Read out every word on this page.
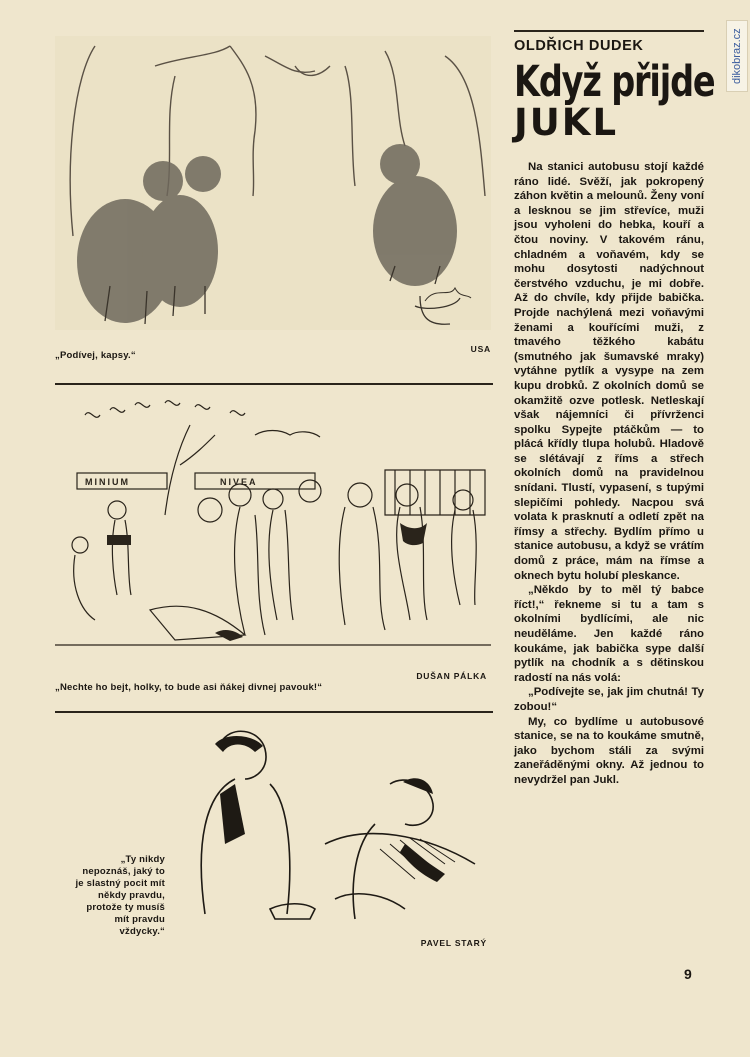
„Podívej, kapsy.“
USA
MINIUM	NIVEA
„Nechte ho bejt, holky, to bude asi ňákej divnej pavouk!“
DUŠAN PÁLKA
„Ty nikdy
nepoznáš, jaký to
je slastný pocit mít
někdy pravdu,
protože ty musíš
mít pravdu
vždycky.“
PAVEL STARÝ
OLDŘICH DUDEK
Když přijde
JUKL

Na stanici autobusu stojí každé ráno lidé. Svěží, jak pokropený záhon květin a melounů. Ženy voní a lesknou se jim střevíce, muži jsou vyholeni do hebka, kouří a čtou noviny. V takovém ránu, chladném a voňavém, kdy se mohu dosytosti nadýchnout čerstvého vzduchu, je mi dobře. Až do chvíle, kdy přijde babička. Projde nachýlená mezi voňavými ženami a kouřícími muži, z tmavého těžkého kabátu (smutného jak šumavské mraky) vytáhne pytlík a vysype na zem kupu drobků. Z okolních domů se okamžitě ozve potlesk. Netleskají však nájemníci či přívrženci spolku Sypejte ptáčkům — to plácá křídly tlupa holubů. Hladově se slétávají z říms a střech okolních domů na pravidelnou snídani. Tlustí, vypasení, s tupými slepičími pohledy. Nacpou svá volata k prasknutí a odletí zpět na římsy a střechy. Bydlím přímo u stanice autobusu, a když se vrátím domů z práce, mám na římse a oknech bytu holubí pleskance.

„Někdo by to měl tý babce říct!,“ řekneme si tu a tam s okolními bydlícími, ale nic neuděláme. Jen každé ráno koukáme, jak babička sype další pytlík na chodník a s dětinskou radostí na nás volá:

„Podívejte se, jak jim chutná! Ty zobou!“

My, co bydlíme u autobusové stanice, se na to koukáme smutně, jako bychom stáli za svými zaneřáděnými okny. Až jednou to nevydržel pan Jukl.

9
dikobraz.cz
